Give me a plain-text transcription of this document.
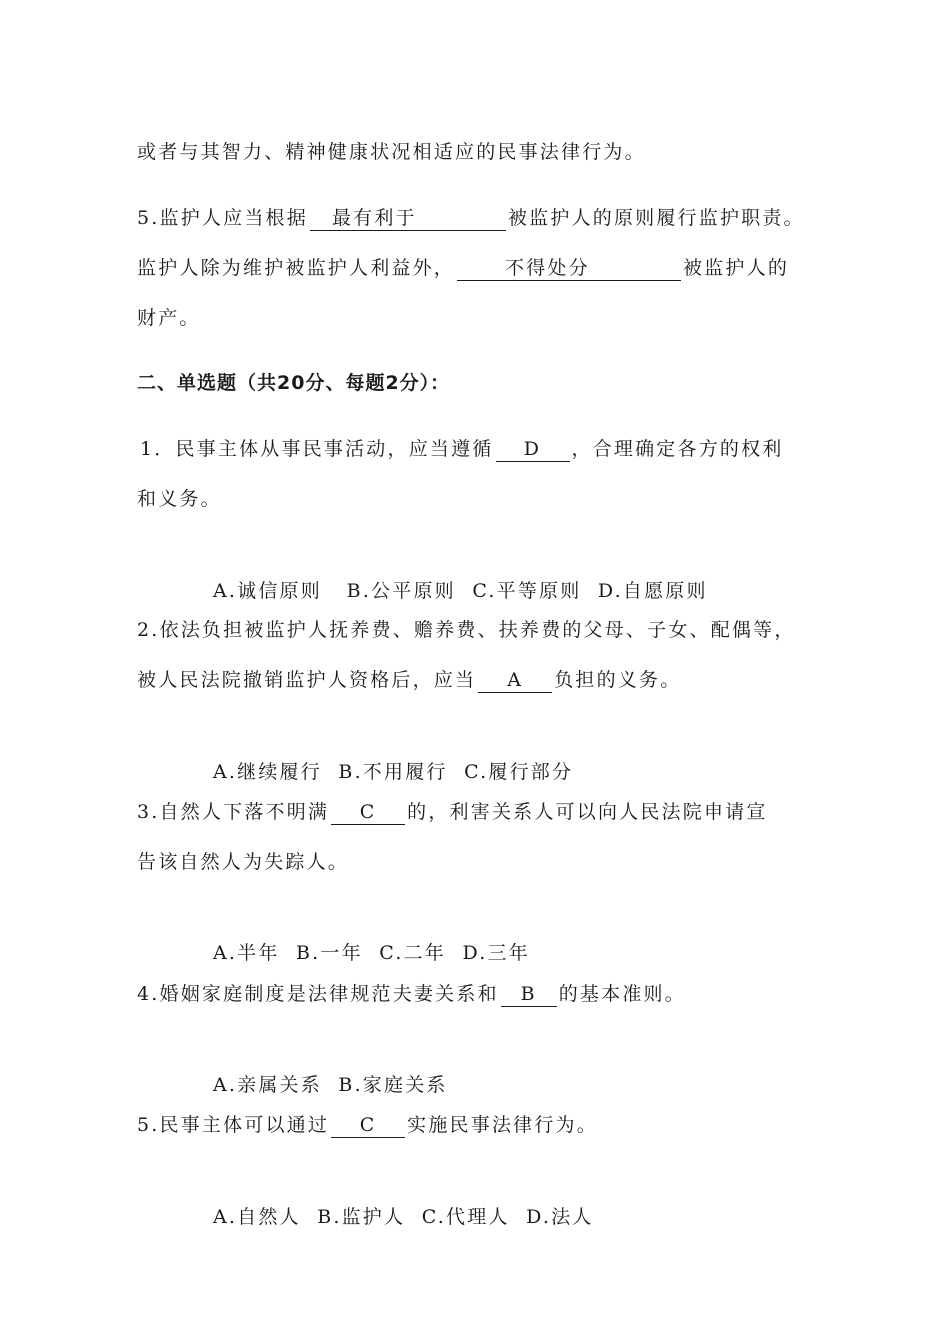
或者与其智力、精神健康状况相适应的民事法律行为。
5.监护人应当根据 最有利于	被监护人的原则履行监护职责。
监护人除为维护被监护人利益外，	不得处分	被监护人的
财产。
二、单选题（共20分、每题2分）：
1．民事主体从事民事活动，应当遵循 D ，合理确定各方的权利
和义务。

A.诚信原则   B.公平原则  C.平等原则  D.自愿原则

2.依法负担被监护人抚养费、赡养费、扶养费的父母、子女、配偶等，
被人民法院撤销监护人资格后，应当 A 负担的义务。

A.继续履行  B.不用履行  C.履行部分

3.自然人下落不明满 C 的，利害关系人可以向人民法院申请宣
告该自然人为失踪人。

A.半年  B.一年  C.二年  D.三年

4.婚姻家庭制度是法律规范夫妻关系和 B 的基本准则。

A.亲属关系  B.家庭关系

5.民事主体可以通过 C 实施民事法律行为。

A.自然人  B.监护人  C.代理人  D.法人
